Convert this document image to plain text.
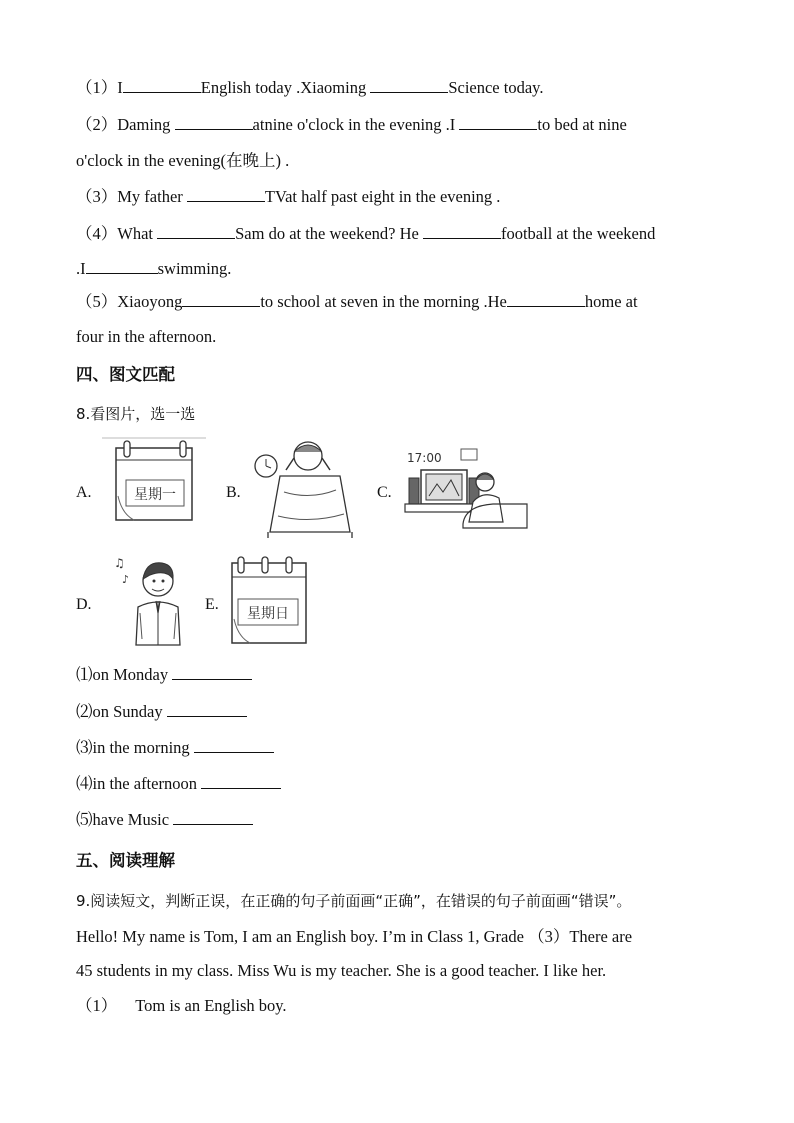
（1）I	English today .Xiaoming	Science today.
（2）Daming	atnine o'clock in the evening .I	to bed at nine
o'clock in the evening(在晚上) .
（3）My father	TVat half past eight in the evening .
（4）What	Sam do at the weekend? He	football at the weekend
.I	swimming.
（5）Xiaoyong	to school at seven in the morning .He	home at
four in the afternoon.
四、图文匹配
8.看图片，选一选
A.	星期一	B.	C.
17:00
D.
♫
♪
E.
星期日
⑴on Monday
⑵on Sunday
⑶in the morning
⑷in the afternoon
⑸have Music
五、阅读理解
9.阅读短文，判断正误，在正确的句子前面画“正确”，在错误的句子前面画“错误”。
Hello! My name is Tom, I am an English boy. I’m in Class 1, Grade （3）There are
45 students in my class. Miss Wu is my teacher. She is a good teacher. I like her.
（1） Tom is an English boy.
